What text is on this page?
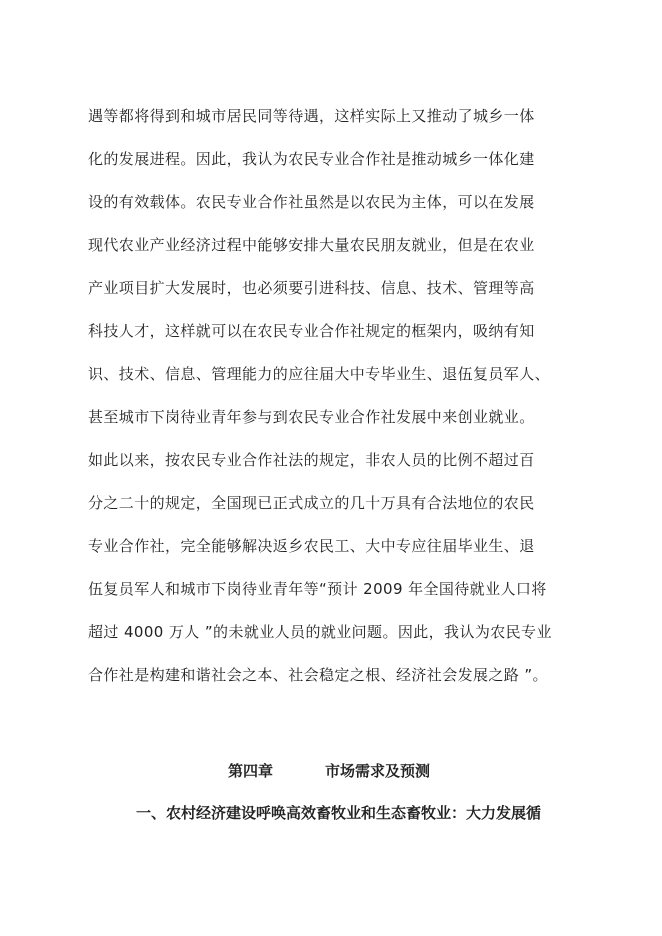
遇等都将得到和城市居民同等待遇，这样实际上又推动了城乡一体
化的发展进程。因此，我认为农民专业合作社是推动城乡一体化建
设的有效载体。农民专业合作社虽然是以农民为主体，可以在发展
现代农业产业经济过程中能够安排大量农民朋友就业，但是在农业
产业项目扩大发展时，也必须要引进科技、信息、技术、管理等高
科技人才，这样就可以在农民专业合作社规定的框架内，吸纳有知
识、技术、信息、管理能力的应往届大中专毕业生、退伍复员军人、
甚至城市下岗待业青年参与到农民专业合作社发展中来创业就业。
如此以来，按农民专业合作社法的规定，非农人员的比例不超过百
分之二十的规定，全国现已正式成立的几十万具有合法地位的农民
专业合作社，完全能够解决返乡农民工、大中专应往届毕业生、退
伍复员军人和城市下岗待业青年等“预计 2009 年全国待就业人口将
超过 4000 万人 ”的未就业人员的就业问题。因此，我认为农民专业
合作社是构建和谐社会之本、社会稳定之根、经济社会发展之路 ”。
第四章	市场需求及预测
一、农村经济建设呼唤高效畜牧业和生态畜牧业：大力发展循
